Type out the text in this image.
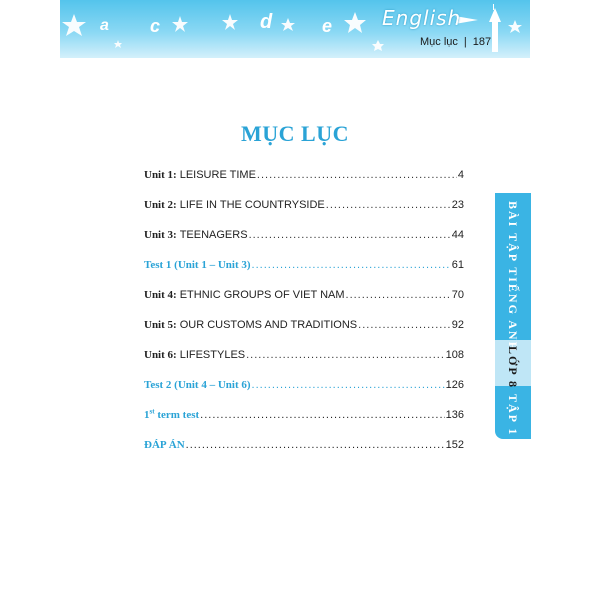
a c	d	e English
Mục lục | 187
MỤC LỤC
Unit 1: LEISURE TIME .....	4
Unit 2: LIFE IN THE COUNTRYSIDE .....	23
Unit 3: TEENAGERS .....	44
Test 1 (Unit 1 – Unit 3) .....	61
Unit 4: ETHNIC GROUPS OF VIET NAM .....	70
Unit 5: OUR CUSTOMS AND TRADITIONS .....	92
Unit 6: LIFESTYLES .....	108
Test 2 (Unit 4 – Unit 6) .....	126
1st term test .....	136
ĐÁP ÁN .....	152
BÀI TẬP TIẾNG ANH
LỚP 8
TẬP 1
